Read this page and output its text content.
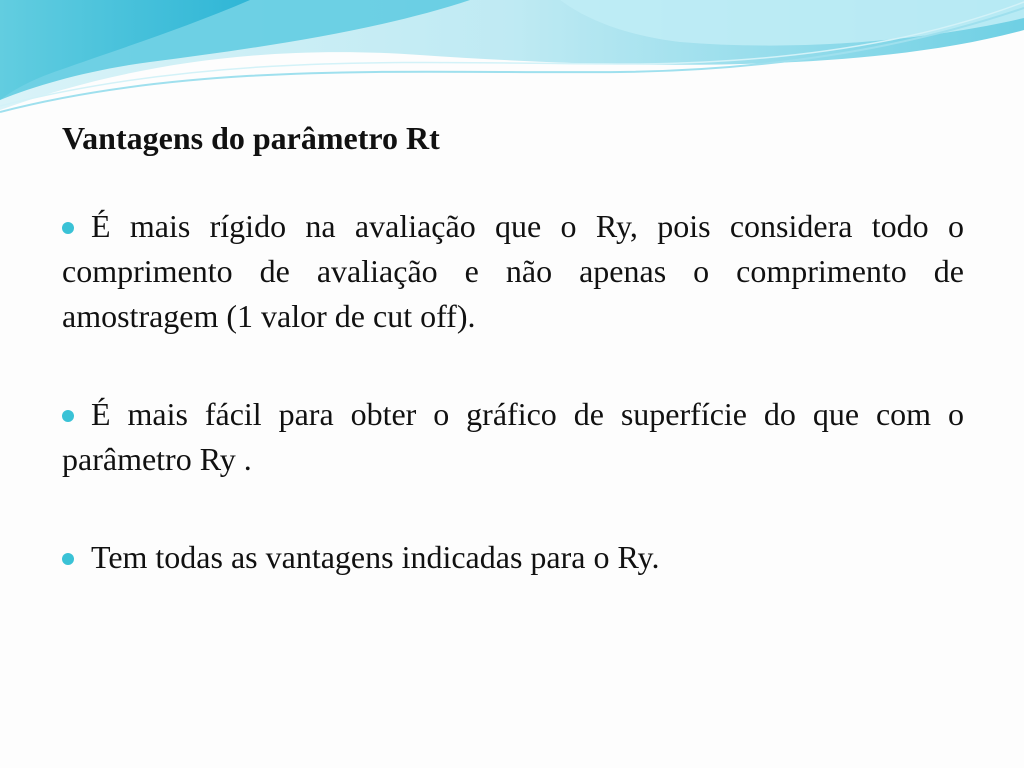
Vantagens do parâmetro Rt
É mais rígido na avaliação que o Ry, pois considera todo o comprimento de avaliação e não apenas o comprimento de amostragem (1 valor de cut off).
É mais fácil para obter o gráfico de superfície do que com o parâmetro Ry .
Tem todas as vantagens indicadas para o Ry.
